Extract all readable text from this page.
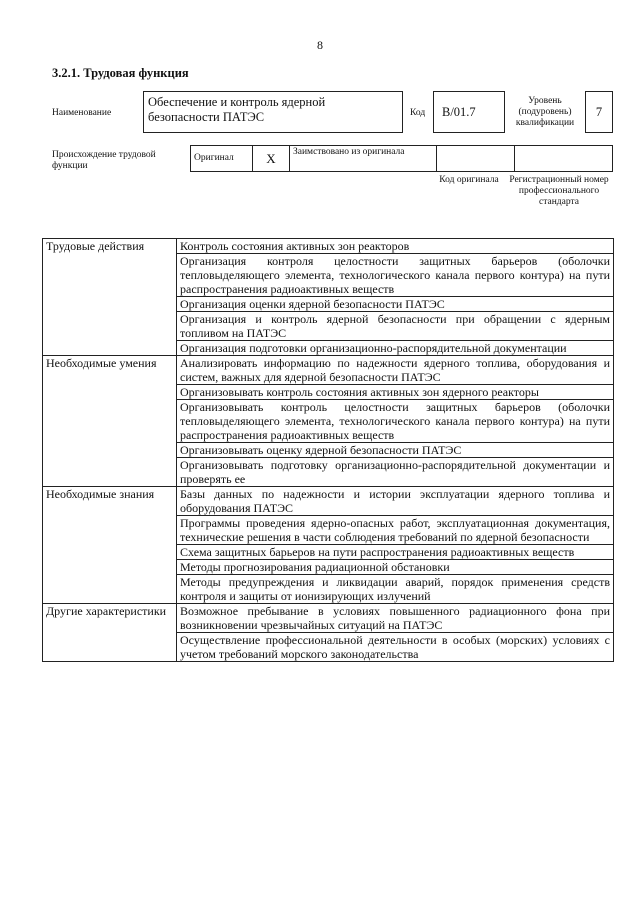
8
3.2.1. Трудовая функция
Наименование
Обеспечение и контроль ядерной безопасности ПАТЭС	Код	B/01.7
Уровень (подуровень) квалификации
7
Происхождение трудовой функции
Оригинал	X	Заимствовано из оригинала		
Код оригинала	Регистрационный номер профессионального стандарта
Трудовые действия	Контроль состояния активных зон реакторов
	Организация контроля целостности защитных барьеров (оболочки тепловыделяющего элемента, технологического канала первого контура) на пути распространения радиоактивных веществ
	Организация оценки ядерной безопасности ПАТЭС
	Организация и контроль ядерной безопасности при обращении с ядерным топливом на ПАТЭС
	Организация подготовки организационно-распорядительной документации
Необходимые умения	Анализировать информацию по надежности ядерного топлива, оборудования и систем, важных для ядерной безопасности ПАТЭС
	Организовывать контроль состояния активных зон ядерного реакторы
	Организовывать контроль целостности защитных барьеров (оболочки тепловыделяющего элемента, технологического канала первого контура) на пути распространения радиоактивных веществ
	Организовывать оценку ядерной безопасности ПАТЭС
	Организовывать подготовку организационно-распорядительной документации и проверять ее
Необходимые знания	Базы данных по надежности и истории эксплуатации ядерного топлива и оборудования ПАТЭС
	Программы проведения ядерно-опасных работ, эксплуатационная документация, технические решения в части соблюдения требований по ядерной безопасности
	Схема защитных барьеров на пути распространения радиоактивных веществ
	Методы прогнозирования радиационной обстановки
	Методы предупреждения и ликвидации аварий, порядок применения средств контроля и защиты от ионизирующих излучений
Другие характеристики	Возможное пребывание в условиях повышенного радиационного фона при возникновении чрезвычайных ситуаций на ПАТЭС
	Осуществление профессиональной деятельности в особых (морских) условиях с учетом требований морского законодательства
